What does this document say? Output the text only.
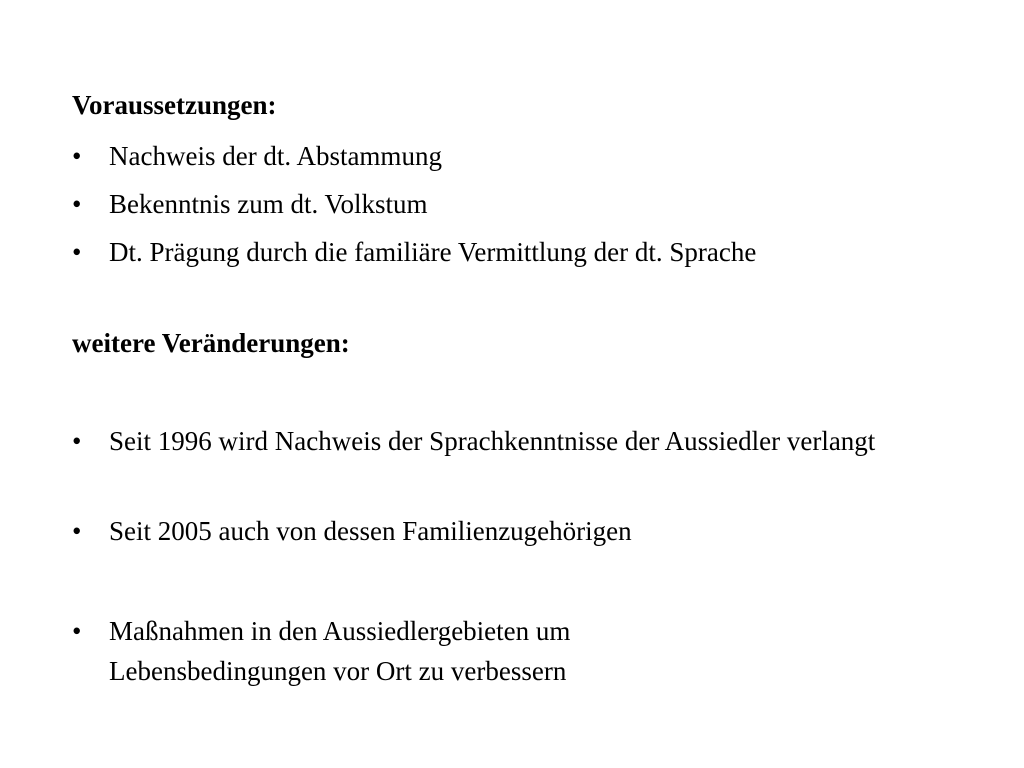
Voraussetzungen:
•	Nachweis der dt. Abstammung
•	Bekenntnis zum dt. Volkstum
•	Dt. Prägung durch die familiäre Vermittlung der dt. Sprache
weitere Veränderungen:
•	Seit 1996 wird Nachweis der Sprachkenntnisse der Aussiedler verlangt
•	Seit 2005 auch von dessen Familienzugehörigen
•	Maßnahmen in den Aussiedlergebieten um Lebensbedingungen vor Ort zu verbessern
